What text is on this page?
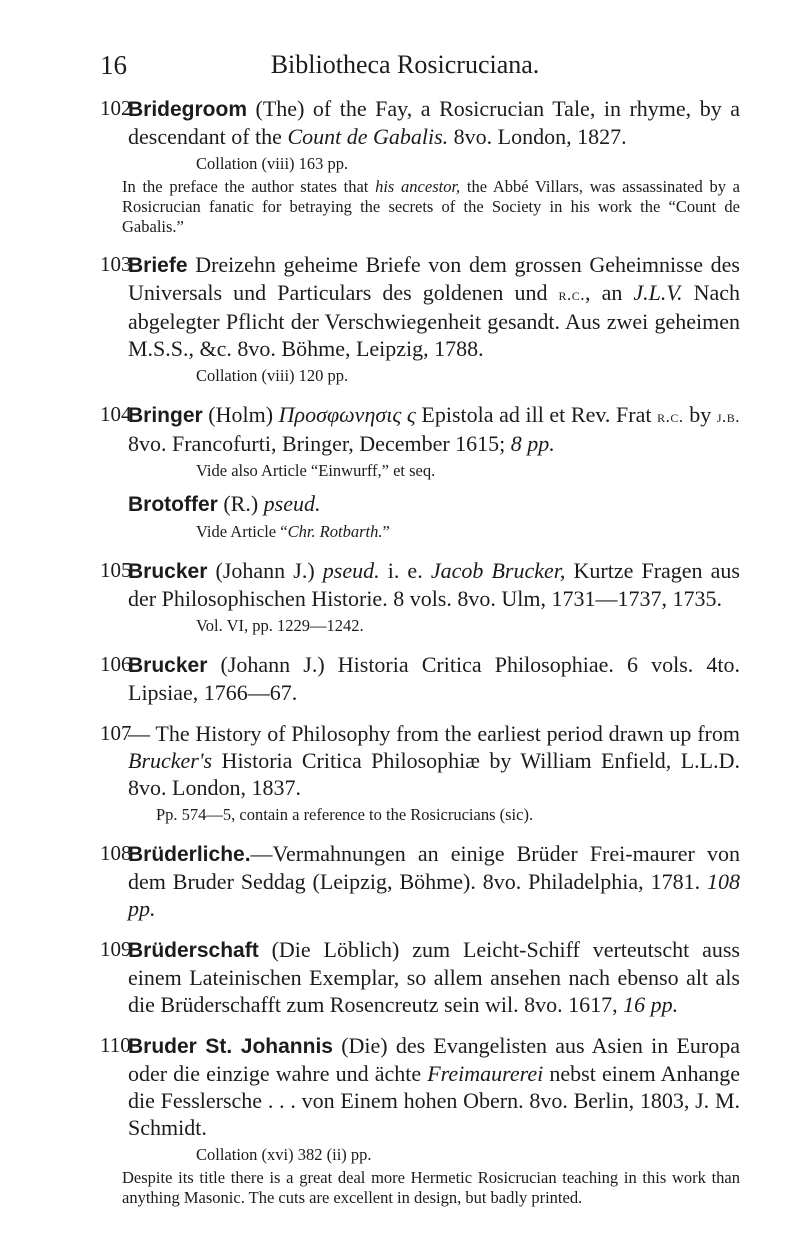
16	Bibliotheca Rosicruciana.
102
Bridegroom (The) of the Fay, a Rosicrucian Tale, in rhyme, by a descendant of the Count de Gabalis. 8vo. London, 1827.
Collation (viii) 163 pp.
In the preface the author states that his ancestor, the Abbé Villars, was assassinated by a Rosicrucian fanatic for betraying the secrets of the Society in his work the “Count de Gabalis.”
103
Briefe Dreizehn geheime Briefe von dem grossen Geheimnisse des Universals und Particulars des goldenen und r.c., an J.L.V. Nach abgelegter Pflicht der Verschwiegenheit gesandt. Aus zwei geheimen M.S.S., &c. 8vo. Böhme, Leipzig, 1788.
Collation (viii) 120 pp.
104
Bringer (Holm) Προσφωνησις ς Epistola ad ill et Rev. Frat r.c. by j.b. 8vo. Francofurti, Bringer, December 1615; 8 pp.
Vide also Article “Einwurff,” et seq.
Brotoffer (R.) pseud.
Vide Article “Chr. Rotbarth.”
105
Brucker (Johann J.) pseud. i. e. Jacob Brucker, Kurtze Fragen aus der Philosophischen Historie. 8 vols. 8vo. Ulm, 1731—1737, 1735.
Vol. VI, pp. 1229—1242.
106
Brucker (Johann J.) Historia Critica Philosophiae. 6 vols. 4to. Lipsiae, 1766—67.
107
— The History of Philosophy from the earliest period drawn up from Brucker's Historia Critica Philosophiæ by William Enfield, L.L.D. 8vo. London, 1837.
Pp. 574—5, contain a reference to the Rosicrucians (sic).
108
Brüderliche.—Vermahnungen an einige Brüder Frei-maurer von dem Bruder Seddag (Leipzig, Böhme). 8vo. Philadelphia, 1781. 108 pp.
109
Brüderschaft (Die Löblich) zum Leicht-Schiff verteutscht auss einem Lateinischen Exemplar, so allem ansehen nach ebenso alt als die Brüderschafft zum Rosencreutz sein wil. 8vo. 1617, 16 pp.
110
Bruder St. Johannis (Die) des Evangelisten aus Asien in Europa oder die einzige wahre und ächte Freimaurerei nebst einem Anhange die Fesslersche . . . von Einem hohen Obern. 8vo. Berlin, 1803, J. M. Schmidt.
Collation (xvi) 382 (ii) pp.
Despite its title there is a great deal more Hermetic Rosicrucian teaching in this work than anything Masonic. The cuts are excellent in design, but badly printed.
